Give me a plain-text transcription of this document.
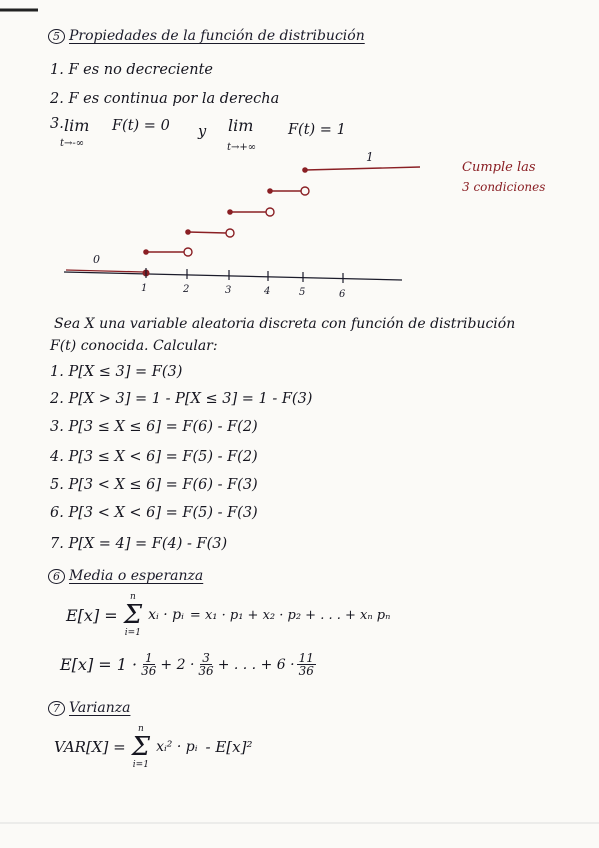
5 Propiedades de la función de distribución
1. F es no decreciente
2. F es continua por la derecha
3. lim
t→-∞
F(t) = 0 y lim
t→+∞
F(t) = 1
0
1
1	2	3	4	5	6
Cumple las
3 condiciones
Sea X una variable aleatoria discreta con función de distribución
F(t) conocida. Calcular:
1. P[X ≤ 3] = F(3)
2. P[X > 3] = 1 - P[X ≤ 3] = 1 - F(3)
3. P[3 ≤ X ≤ 6] = F(6) - F(2)
4. P[3 ≤ X < 6] = F(5) - F(2)
5. P[3 < X ≤ 6] = F(6) - F(3)
6. P[3 < X < 6] = F(5) - F(3)
7. P[X = 4] = F(4) - F(3)
6 Media o esperanza
E[x] =
n
Σ
i=1
xᵢ · pᵢ = x₁ · p₁ + x₂ · p₂ + . . . + xₙ pₙ
$E[x] = 1 \cdot \frac{1}{36} + 2 \cdot \frac{3}{36}$ + . . . + $6 \cdot \frac{11}{36}$
7 Varianza
VAR[X] =
n
Σ
i=1
xᵢ² · pᵢ - E[x]²
